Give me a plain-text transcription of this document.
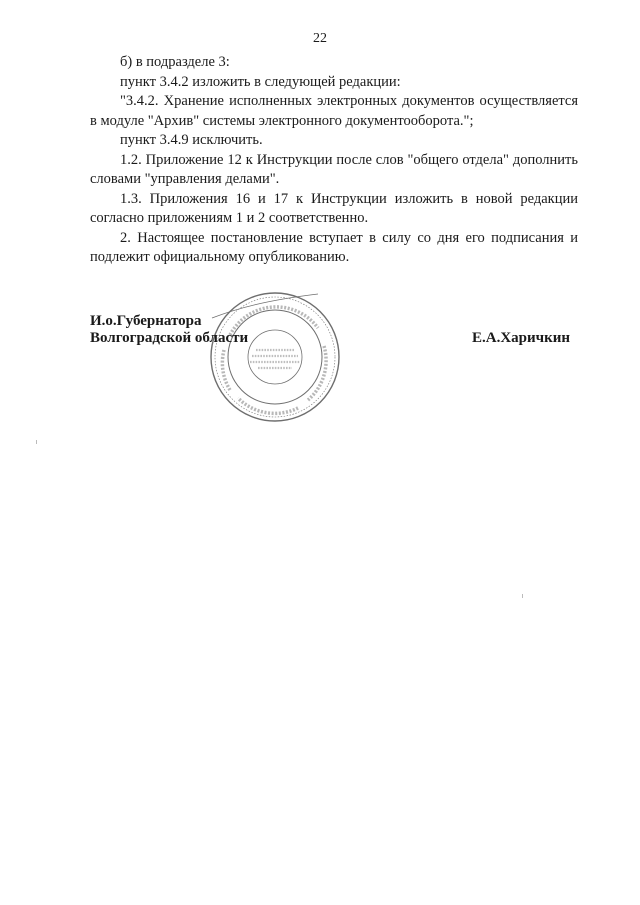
22

б) в подразделе 3:

пункт 3.4.2 изложить в следующей редакции:

"3.4.2. Хранение исполненных электронных документов осуществляется в модуле "Архив" системы электронного документооборота.";

пункт 3.4.9 исключить.

1.2. Приложение 12 к Инструкции после слов "общего отдела" дополнить словами "управления делами".

1.3. Приложения 16 и 17 к Инструкции изложить в новой редакции согласно приложениям 1 и 2 соответственно.

2. Настоящее постановление вступает в силу со дня его подписания и подлежит официальному опубликованию.

И.о.Губернатора
Волгоградской области	Е.А.Харичкин
